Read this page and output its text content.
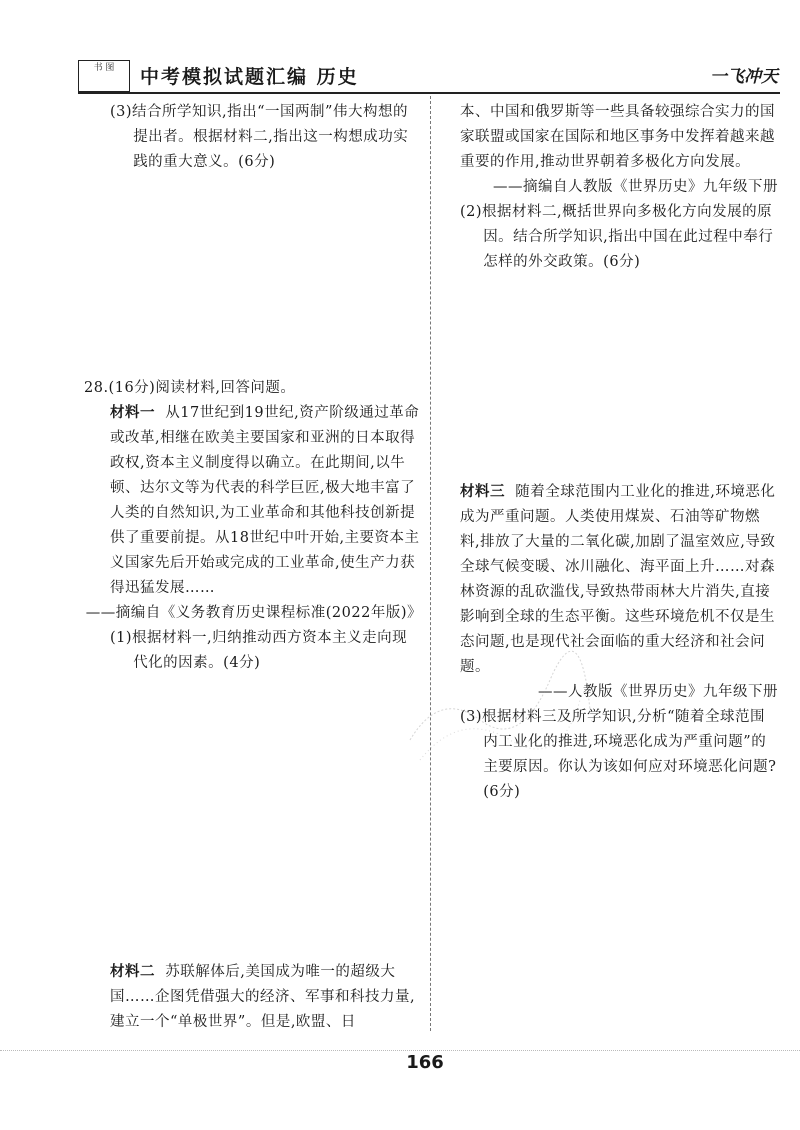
书 图	中考模拟试题汇编 历史	一飞冲天

(3)结合所学知识,指出“一国两制”伟大构想的提出者。根据材料二,指出这一构想成功实践的重大意义。(6分)

28.(16分)阅读材料,回答问题。

材料一 从17世纪到19世纪,资产阶级通过革命或改革,相继在欧美主要国家和亚洲的日本取得政权,资本主义制度得以确立。在此期间,以牛顿、达尔文等为代表的科学巨匠,极大地丰富了人类的自然知识,为工业革命和其他科技创新提供了重要前提。从18世纪中叶开始,主要资本主义国家先后开始或完成的工业革命,使生产力获得迅猛发展……

——摘编自《义务教育历史课程标准(2022年版)》

(1)根据材料一,归纳推动西方资本主义走向现代化的因素。(4分)

材料二 苏联解体后,美国成为唯一的超级大国……企图凭借强大的经济、军事和科技力量,建立一个“单极世界”。但是,欧盟、日

本、中国和俄罗斯等一些具备较强综合实力的国家联盟或国家在国际和地区事务中发挥着越来越重要的作用,推动世界朝着多极化方向发展。

——摘编自人教版《世界历史》九年级下册

(2)根据材料二,概括世界向多极化方向发展的原因。结合所学知识,指出中国在此过程中奉行怎样的外交政策。(6分)

材料三 随着全球范围内工业化的推进,环境恶化成为严重问题。人类使用煤炭、石油等矿物燃料,排放了大量的二氧化碳,加剧了温室效应,导致全球气候变暖、冰川融化、海平面上升……对森林资源的乱砍滥伐,导致热带雨林大片消失,直接影响到全球的生态平衡。这些环境危机不仅是生态问题,也是现代社会面临的重大经济和社会问题。

——人教版《世界历史》九年级下册

(3)根据材料三及所学知识,分析“随着全球范围内工业化的推进,环境恶化成为严重问题”的主要原因。你认为该如何应对环境恶化问题?(6分)

166
